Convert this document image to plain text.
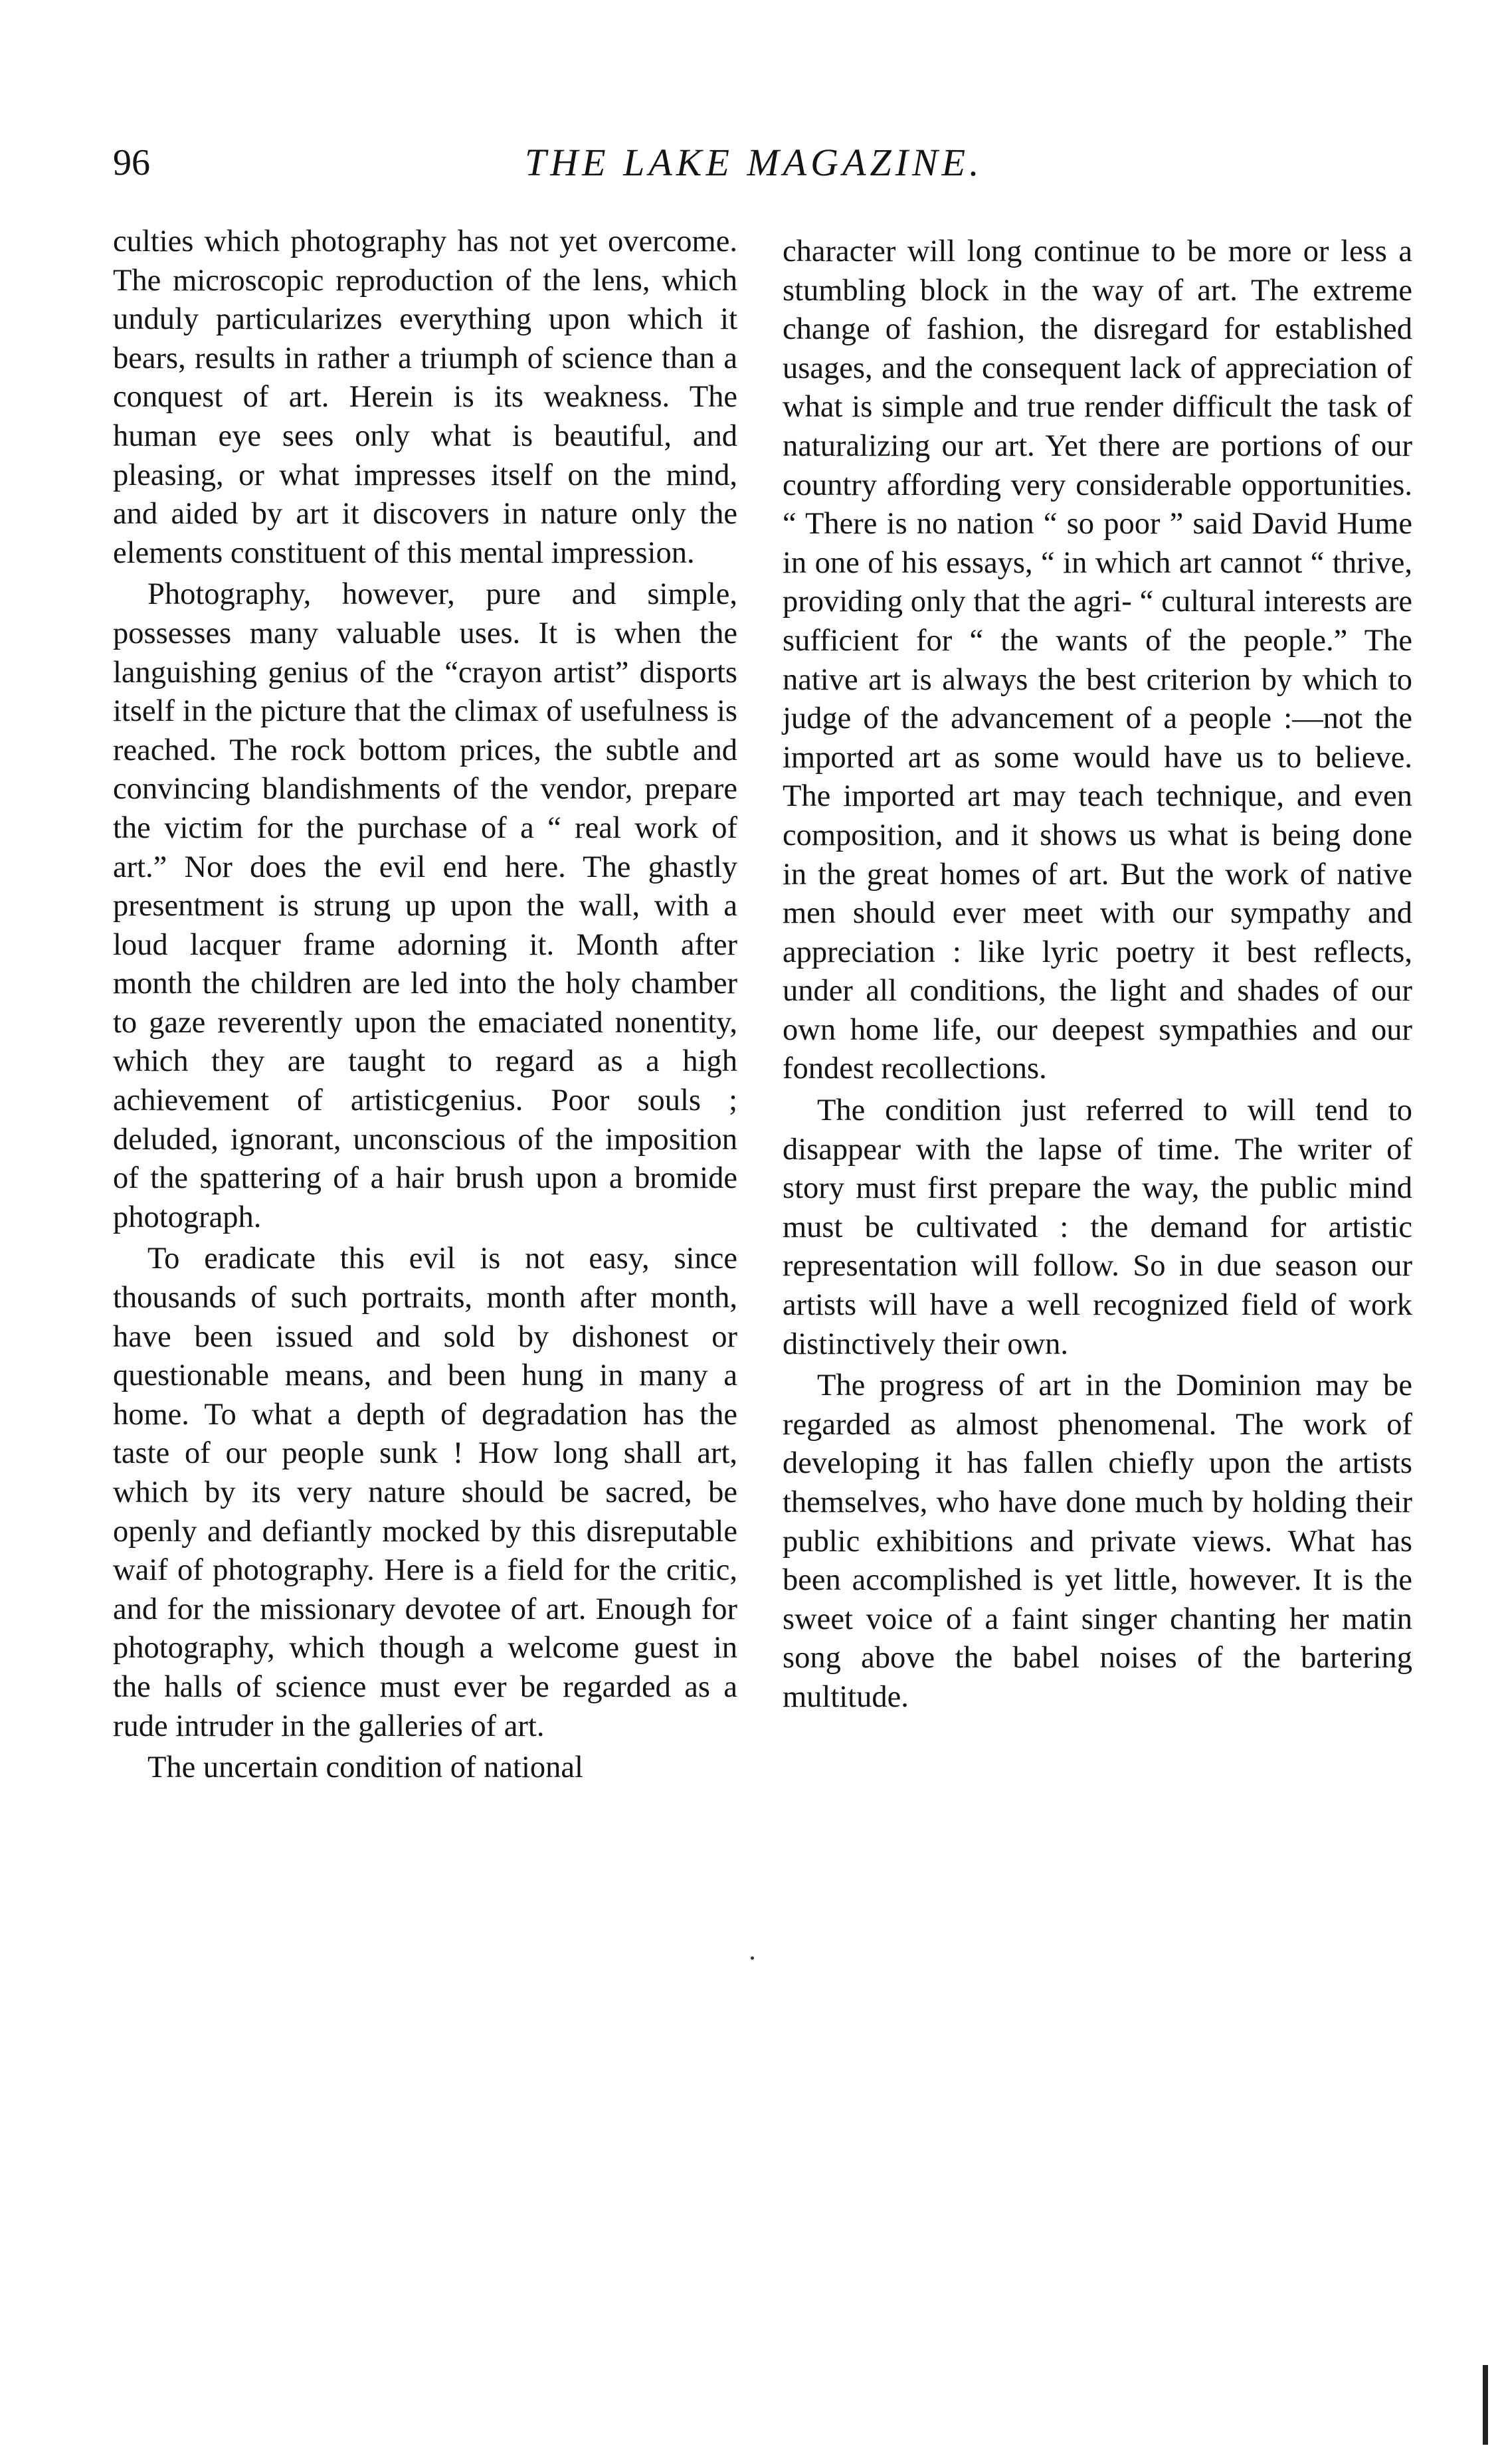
96	THE LAKE MAGAZINE.

culties which photography has not yet overcome. The microscopic reproduction of the lens, which unduly particularizes everything upon which it bears, results in rather a triumph of science than a conquest of art. Herein is its weakness. The human eye sees only what is beautiful, and pleasing, or what impresses itself on the mind, and aided by art it discovers in nature only the elements constituent of this mental impression.

Photography, however, pure and simple, possesses many valuable uses. It is when the languishing genius of the “crayon artist” disports itself in the picture that the climax of usefulness is reached. The rock bottom prices, the subtle and convincing blandishments of the vendor, prepare the victim for the purchase of a “ real work of art.” Nor does the evil end here. The ghastly presentment is strung up upon the wall, with a loud lacquer frame adorning it. Month after month the children are led into the holy chamber to gaze reverently upon the emaciated nonentity, which they are taught to regard as a high achievement of artisticgenius. Poor souls ; deluded, ignorant, unconscious of the imposition of the spattering of a hair brush upon a bromide photograph.

To eradicate this evil is not easy, since thousands of such portraits, month after month, have been issued and sold by dishonest or questionable means, and been hung in many a home. To what a depth of degradation has the taste of our people sunk ! How long shall art, which by its very nature should be sacred, be openly and defiantly mocked by this disreputable waif of photography. Here is a field for the critic, and for the missionary devotee of art. Enough for photography, which though a welcome guest in the halls of science must ever be regarded as a rude intruder in the galleries of art.

The uncertain condition of national

character will long continue to be more or less a stumbling block in the way of art. The extreme change of fashion, the disregard for established usages, and the consequent lack of appreciation of what is simple and true render difficult the task of naturalizing our art. Yet there are portions of our country affording very considerable opportunities. “ There is no nation “ so poor ” said David Hume in one of his essays, “ in which art cannot “ thrive, providing only that the agri- “ cultural interests are sufficient for “ the wants of the people.” The native art is always the best criterion by which to judge of the advancement of a people :—not the imported art as some would have us to believe. The imported art may teach technique, and even composition, and it shows us what is being done in the great homes of art. But the work of native men should ever meet with our sympathy and appreciation : like lyric poetry it best reflects, under all conditions, the light and shades of our own home life, our deepest sympathies and our fondest recollections.

The condition just referred to will tend to disappear with the lapse of time. The writer of story must first prepare the way, the public mind must be cultivated : the demand for artistic representation will follow. So in due season our artists will have a well recognized field of work distinctively their own.

The progress of art in the Dominion may be regarded as almost phenomenal. The work of developing it has fallen chiefly upon the artists themselves, who have done much by holding their public exhibitions and private views. What has been accomplished is yet little, however. It is the sweet voice of a faint singer chanting her matin song above the babel noises of the bartering multitude.
